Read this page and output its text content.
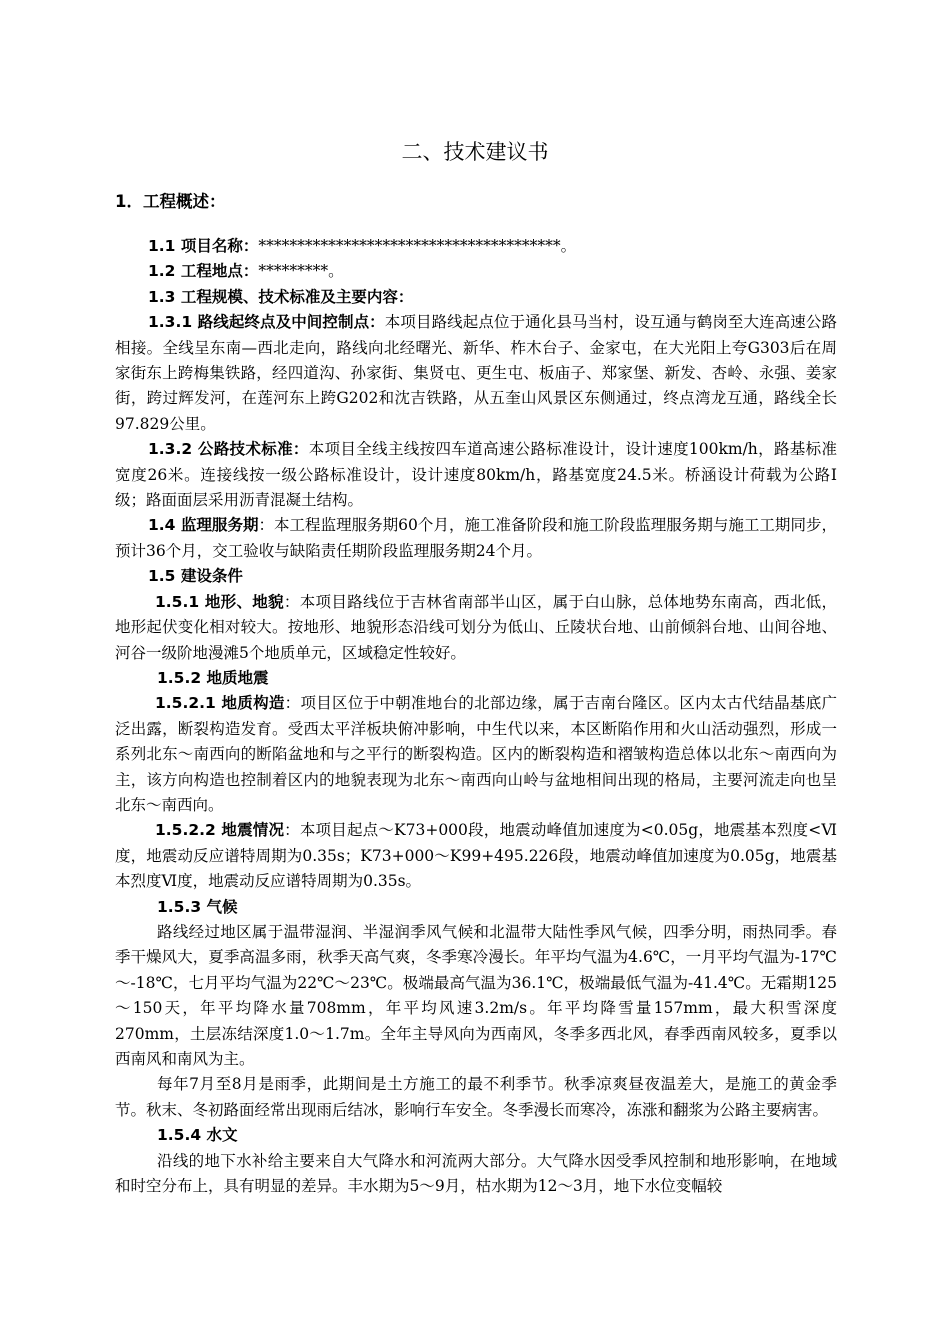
二、技术建议书
1．工程概述：

1.1 项目名称：***************************************。

1.2 工程地点：*********。

1.3 工程规模、技术标准及主要内容：

1.3.1 路线起终点及中间控制点：本项目路线起点位于通化县马当村，设互通与鹤岗至大连高速公路相接。全线呈东南—西北走向，路线向北经曙光、新华、柞木台子、金家屯，在大光阳上夸G303后在周家街东上跨梅集铁路，经四道沟、孙家街、集贤屯、更生屯、板庙子、郑家堡、新发、杏岭、永强、姜家街，跨过辉发河，在莲河东上跨G202和沈吉铁路，从五奎山风景区东侧通过，终点湾龙互通，路线全长97.829公里。

1.3.2 公路技术标准：本项目全线主线按四车道高速公路标准设计，设计速度100km/h，路基标准宽度26米。连接线按一级公路标准设计，设计速度80km/h，路基宽度24.5米。桥涵设计荷载为公路Ⅰ级；路面面层采用沥青混凝土结构。

1.4 监理服务期：本工程监理服务期60个月，施工准备阶段和施工阶段监理服务期与施工工期同步，预计36个月，交工验收与缺陷责任期阶段监理服务期24个月。

1.5 建设条件

1.5.1 地形、地貌：本项目路线位于吉林省南部半山区，属于白山脉，总体地势东南高，西北低，地形起伏变化相对较大。按地形、地貌形态沿线可划分为低山、丘陵状台地、山前倾斜台地、山间谷地、河谷一级阶地漫滩5个地质单元，区域稳定性较好。

1.5.2 地质地震

1.5.2.1 地质构造：项目区位于中朝准地台的北部边缘，属于吉南台隆区。区内太古代结晶基底广泛出露，断裂构造发育。受西太平洋板块俯冲影响，中生代以来，本区断陷作用和火山活动强烈，形成一系列北东～南西向的断陷盆地和与之平行的断裂构造。区内的断裂构造和褶皱构造总体以北东～南西向为主，该方向构造也控制着区内的地貌表现为北东～南西向山岭与盆地相间出现的格局，主要河流走向也呈北东～南西向。

1.5.2.2 地震情况：本项目起点～K73+000段，地震动峰值加速度为<0.05g，地震基本烈度<Ⅵ度，地震动反应谱特周期为0.35s；K73+000～K99+495.226段，地震动峰值加速度为0.05g，地震基本烈度Ⅵ度，地震动反应谱特周期为0.35s。

1.5.3 气候

路线经过地区属于温带湿润、半湿润季风气候和北温带大陆性季风气候，四季分明，雨热同季。春季干燥风大，夏季高温多雨，秋季天高气爽，冬季寒冷漫长。年平均气温为4.6℃，一月平均气温为-17℃～-18℃，七月平均气温为22℃～23℃。极端最高气温为36.1℃，极端最低气温为-41.4℃。无霜期125～150天，年平均降水量708mm，年平均风速3.2m/s。年平均降雪量157mm，最大积雪深度270mm，土层冻结深度1.0～1.7m。全年主导风向为西南风，冬季多西北风，春季西南风较多，夏季以西南风和南风为主。

每年7月至8月是雨季，此期间是土方施工的最不利季节。秋季凉爽昼夜温差大，是施工的黄金季节。秋末、冬初路面经常出现雨后结冰，影响行车安全。冬季漫长而寒冷，冻涨和翻浆为公路主要病害。

1.5.4 水文

沿线的地下水补给主要来自大气降水和河流两大部分。大气降水因受季风控制和地形影响，在地域和时空分布上，具有明显的差异。丰水期为5～9月，枯水期为12～3月，地下水位变幅较
